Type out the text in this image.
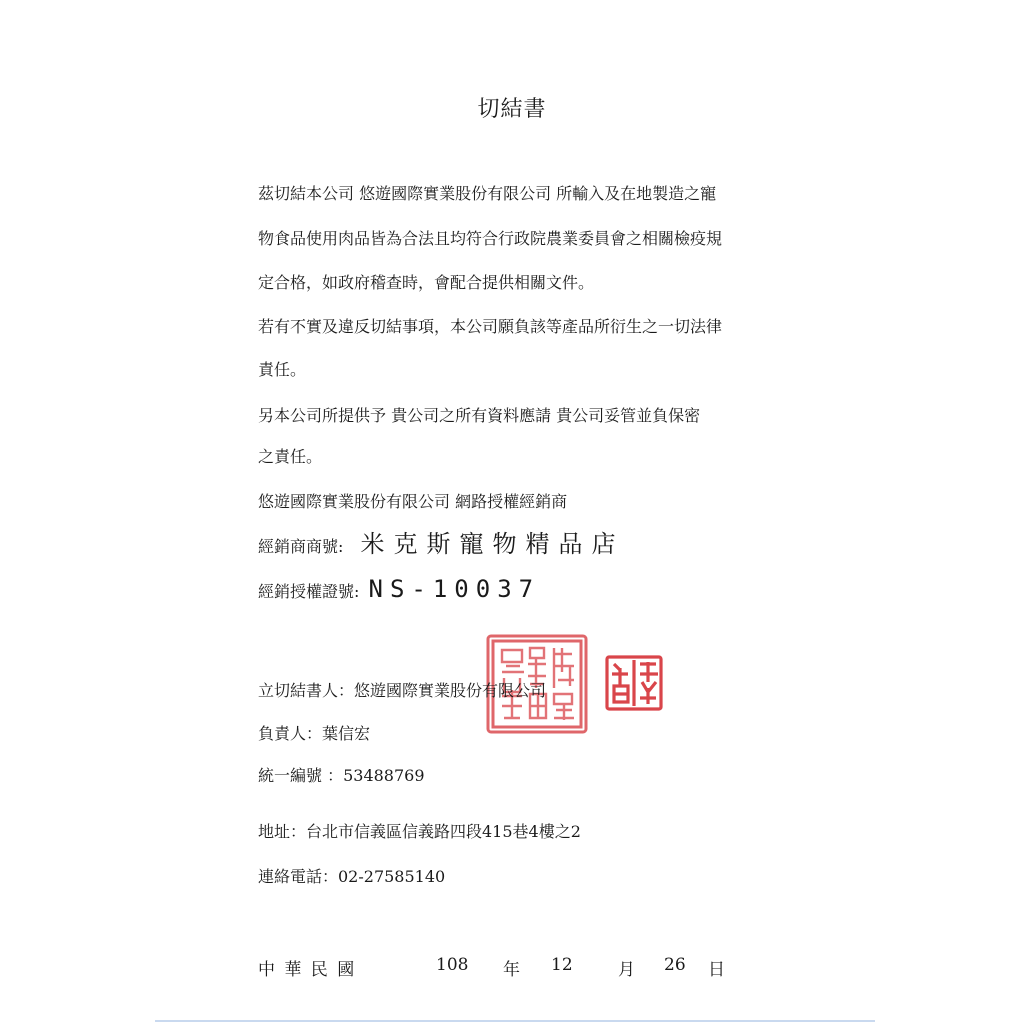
切結書
茲切結本公司 悠遊國際實業股份有限公司 所輸入及在地製造之寵
物食品使用肉品皆為合法且均符合行政院農業委員會之相關檢疫規
定合格，如政府稽查時，會配合提供相關文件。
若有不實及違反切結事項，本公司願負該等產品所衍生之一切法律
責任。
另本公司所提供予 貴公司之所有資料應請 貴公司妥管並負保密
之責任。
悠遊國際實業股份有限公司 網路授權經銷商
經銷商商號: 米克斯寵物精品店
經銷授權證號: NS-10037
立切結書人：悠遊國際實業股份有限公司
負責人：葉信宏
統一編號 ：53488769
地址：台北市信義區信義路四段415巷4樓之2
連絡電話：02-27585140
中 華 民 國	108 年 12	月 26 日
